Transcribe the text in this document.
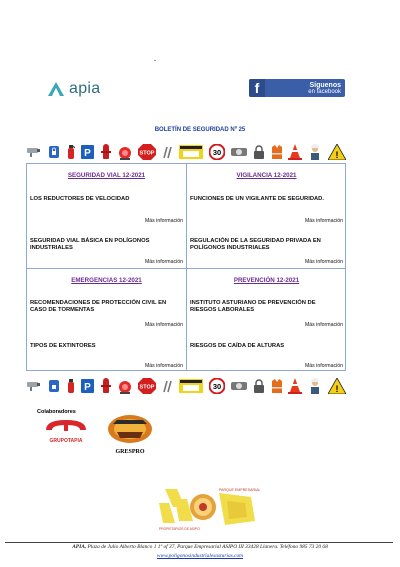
apia	f	Síguenos
en facebook
BOLETÍN DE SEGURIDAD Nº 25
P	STOP	30	!
SEGURIDAD VIAL 12-2021
LOS REDUCTORES DE VELOCIDAD
Más información
SEGURIDAD VIAL BÁSICA EN POLÍGONOS INDUSTRIALES
Más información
VIGILANCIA 12-2021
FUNCIONES DE UN VIGILANTE DE SEGURIDAD.
Más información
REGULACIÓN DE LA SEGURIDAD PRIVADA EN POLÍGONOS INDUSTRIALES
Más información
EMERGENCIAS 12-2021
RECOMENDACIONES DE PROTECCIÓN CIVIL EN CASO DE TORMENTAS
Más información
TIPOS DE EXTINTORES
Más información
PREVENCIÓN 12-2021
INSTITUTO ASTURIANO DE PREVENCIÓN DE RIESGOS LABORALES
Más información
RIESGOS DE CAÍDA DE ALTURAS
Más información
P	STOP	30	!
Colaboradores
GRUPOTAPIA
GRESPRO
PARQUE EMPRESARIAL
PROPIETARIOS DE ASIPO
APIA, Plaza de Julio Alberto Blanco 1 1º of 37, Parque Empresarial ASIPO III 33428 Llanera. Teléfono 985 73 20 68
www.poligonosindustrialesasturias.com
